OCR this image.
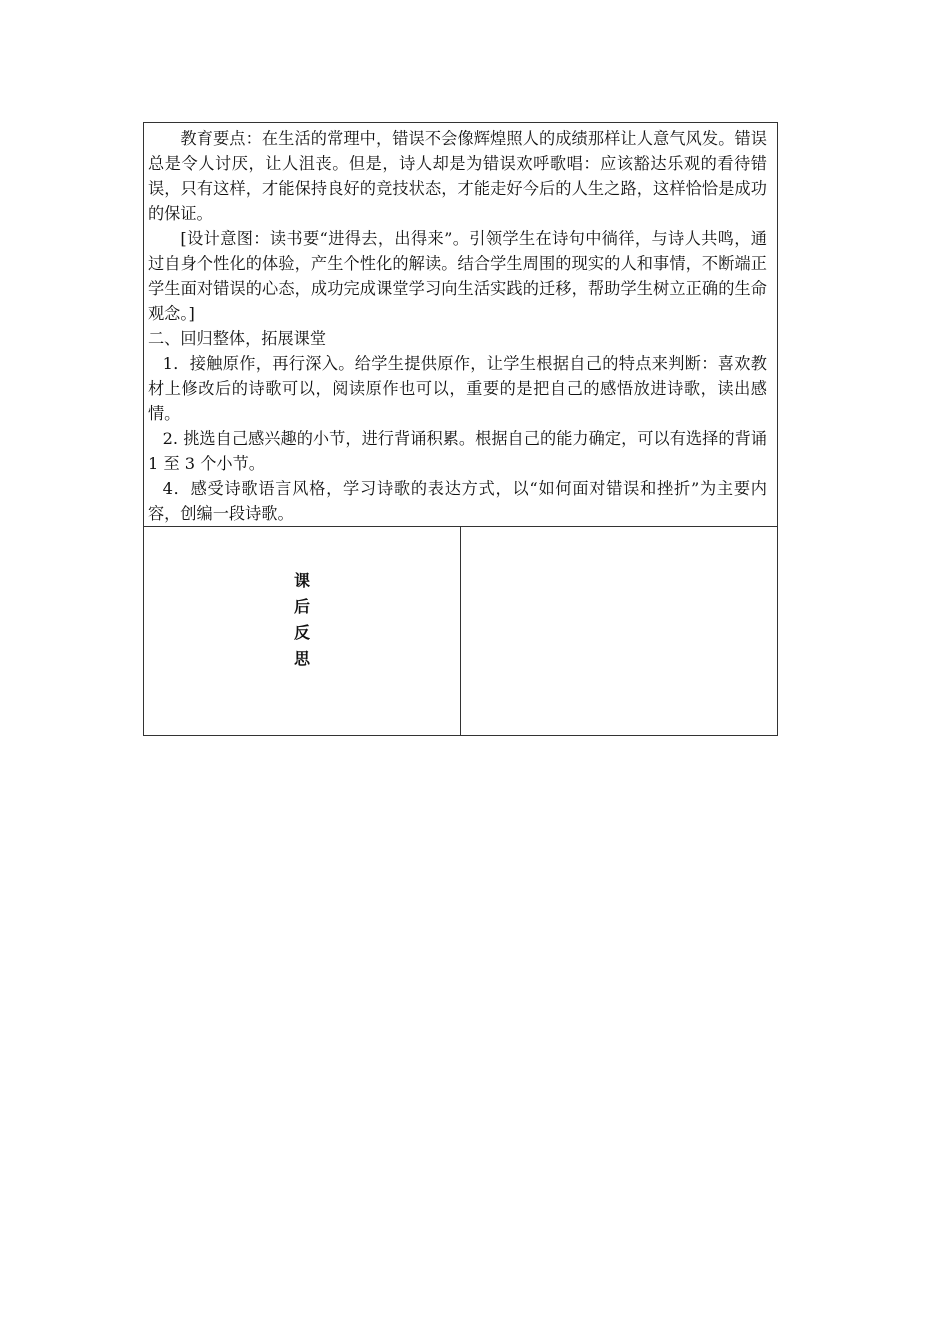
教育要点：在生活的常理中，错误不会像辉煌照人的成绩那样让人意气风发。错误总是令人讨厌，让人沮丧。但是，诗人却是为错误欢呼歌唱：应该豁达乐观的看待错误，只有这样，才能保持良好的竞技状态，才能走好今后的人生之路，这样恰恰是成功的保证。

[设计意图：读书要“进得去，出得来”。引领学生在诗句中徜徉，与诗人共鸣，通过自身个性化的体验，产生个性化的解读。结合学生周围的现实的人和事情，不断端正学生面对错误的心态，成功完成课堂学习向生活实践的迁移，帮助学生树立正确的生命观念。]

二、回归整体，拓展课堂

1．接触原作，再行深入。给学生提供原作，让学生根据自己的特点来判断：喜欢教材上修改后的诗歌可以，阅读原作也可以，重要的是把自己的感悟放进诗歌，读出感情。

2. 挑选自己感兴趣的小节，进行背诵积累。根据自己的能力确定，可以有选择的背诵 1 至 3 个小节。

4．感受诗歌语言风格，学习诗歌的表达方式，以“如何面对错误和挫折”为主要内容，创编一段诗歌。

课后反思	
